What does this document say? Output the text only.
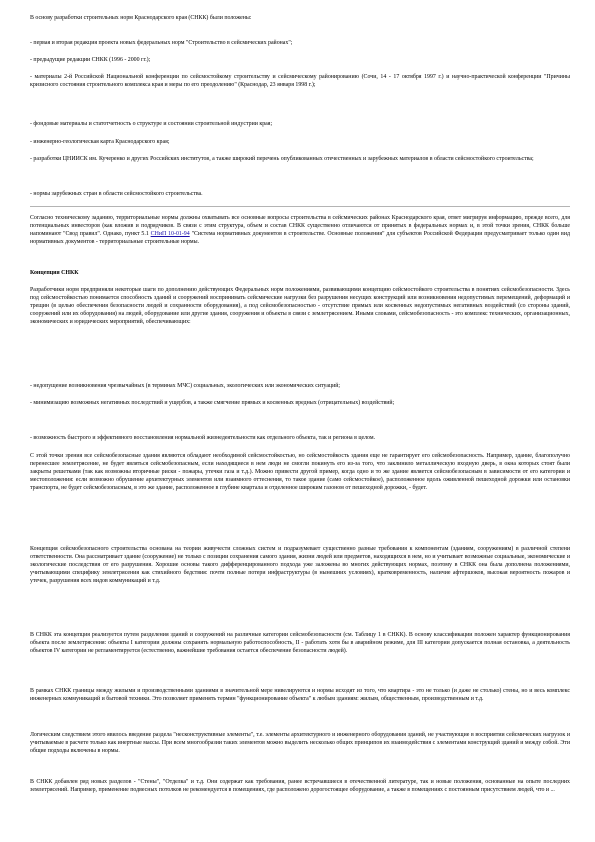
В основу разработки строительных норм Краснодарского края (СНКК) были положены:

- первая и вторая редакция проекта новых федеральных норм "Строительство в сейсмических районах";

- предыдущие редакции СНКК (1996 - 2000 гг.);

- материалы 2-й Российской Национальной конференции по сейсмостойкому строительству и сейсмическому районированию (Сочи, 14 - 17 октября 1997 г.) и научно-практической конференции "Причины кризисного состояния строительного комплекса края и меры по его преодолению" (Краснодар, 23 января 1998 г.);

- фондовые материалы и статотчетность о структуре и состоянии строительной индустрии края;

- инженерно-геологическая карта Краснодарского края;

- разработки ЦНИИСК им. Кучеренко и других Российских институтов, а также широкий перечень опубликованных отечественных и зарубежных материалов в области сейсмостойкого строительства;

- нормы зарубежных стран в области сейсмостойкого строительства.

Согласно техническому заданию, территориальные нормы должны охватывать все основные вопросы строительства в сейсмических районах Краснодарского края, ответ мигрируя информацию, прежде всего, для потенциальных инвесторов (как вложив и подрядчиков. В связи с этим структура, объем и состав СНКК существенно отличаются от принятых в федеральных нормах и, в этой точки зрения, СНКК больше напоминают "Свод правил". Однако, пункт 5.1 СНиП 10-01-94 "Система нормативных документов в строительстве. Основные положения" для субъектов Российской Федерации предусматривает только один вид нормативных документов - территориальные строительные нормы.

Концепция СНКК

Разработчики норм предприняли некоторые шаги по дополнению действующих Федеральных норм положениями, развивающими концепцию сейсмостойкого строительства в понятиях сейсмобезопасности. Здесь под сейсмостойкостью понимается способность зданий и сооружений воспринимать сейсмические нагрузки без разрушения несущих конструкций или возникновения недопустимых перемещений, деформаций и трещин (в целью обеспечения безопасности людей и сохранности оборудования), а под сейсмобезопасностью - отсутствие прямых или косвенных недопустимых негативных воздействий (со стороны зданий, сооружений или их оборудования) на людей, оборудование или другие здания, сооружения и объекты в связи с землетрясением. Иными словами, сейсмобезопасность - это комплекс технических, организационных, экономических и юридических мероприятий, обеспечивающих:

- недопущение возникновения чрезвычайных (в терминах МЧС) социальных, экологических или экономических ситуаций;

- минимизацию возможных негативных последствий и ущербов, а также смягчение прямых и косвенных вредных (отрицательных) воздействий;

- возможность быстрого и эффективного восстановления нормальной жизнедеятельности как отдельного объекта, так и региона в целом.

С этой точки зрения все сейсмобезопасные здания являются обладают необходимой сейсмостойкостью, но сейсмостойкость здания еще не гарантирует его сейсмобезопасность. Например, здание, благополучно перенесшее землетрясение, не будет являться сейсмобезопасным, если находящиеся в нем люди не смогли покинуть его из-за того, что заклинило металлическую входную дверь, в окна которых стоят были закрыты решетками (так как возможны вторичные риски - пожары, утечки газа и т.д.). Можно привести другой пример, когда одно и то же здание является сейсмобезопасным в зависимости от его категории и местоположения: если возможно обрушение архитектурных элементов или взаимного оттеснения, то такое здание (само сейсмостойкое), расположенное вдоль оживленной пешеходной дорожки или остановки транспорта, не будет сейсмобезопасным, в это же здание, расположенное в глубине квартала и отделенное широким газоном от пешеходной дорожки, - будет.

Концепция сейсмобезопасного строительства основана на теории живучести сложных систем и подразумевает существенно разные требования к компонентам (зданиям, сооружениям) в различной степени ответственности. Она рассматривает здание (сооружение) не только с позиции сохранения самого здания, жизни людей или предметов, находящихся в нем, но и учитывает возможные социальные, экономические и экологические последствия от его разрушения. Хорошие основы такого дифференцированного подхода уже заложены во многих действующих нормах, поэтому в СНКК она была дополнена положениями, учитывающими специфику землетрясения как стихийного бедствия: почти полные потери инфраструктуры (в нынешних условиях), кратковременность, наличие афтершоков, высокая вероятность пожаров и утечек, разрушения всех видов коммуникаций и т.д.

В СНКК эта концепция реализуется путем разделения зданий и сооружений на различные категории сейсмобезопасности (см. Таблицу 1 в СНКК). В основу классификации положен характер функционирования объекта после землетрясения: объекты I категории должны сохранять нормальную работоспособность, II - работать хотя бы в аварийном режиме, для III категории допускается полная остановка, а деятельность объектов IV категории не регламентируется (естественно, важнейшие требования остается обеспечение безопасности людей).

В рамках СНКК границы между жилыми и производственными зданиями в значительной мере нивелируются и нормы исходят из того, что квартира - это не только (и даже не столько) стены, но и весь комплекс инженерных коммуникаций и бытовой техники. Это позволяет применять термин "функционирование объекта" к любым зданиям: жилым, общественным, производственным и т.д.

Логическим следствием этого явилось введение раздела "несконструктивные элементы", т.е. элементы архитектурного и инженерного оборудования зданий, не участвующие в восприятии сейсмических нагрузок и учитываемые в расчете только как инертные массы. При всем многообразии таких элементов можно выделить несколько общих принципов их взаимодействия с элементами конструкций зданий и между собой. Эти общие подходы включены в нормы.

В СНКК добавлен ряд новых разделов - "Стены", "Отделка" и т.д. Они содержат как требования, ранее встречавшиеся в отечественной литературе, так и новые положения, основанные на опыте последних землетрясений. Например, применение подвесных потолков не рекомендуется в помещениях, где расположено дорогостоящее оборудование, а также в помещениях с постоянным присутствием людей, что и ...
